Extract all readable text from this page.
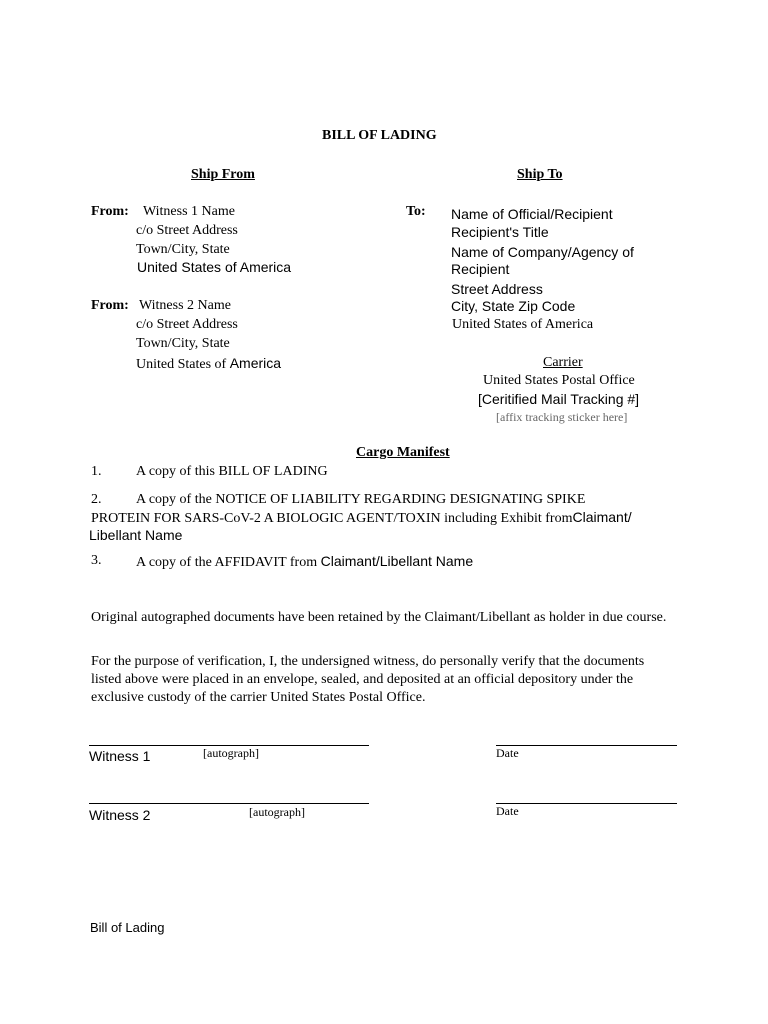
BILL OF LADING
Ship From	Ship To
From: Witness 1 Name
c/o Street Address
Town/City, State
United States of America
From: Witness 2 Name
c/o Street Address
Town/City, State
United States of America
To: Name of Official/Recipient
Recipient's Title
Name of Company/Agency of
Recipient
Street Address
City, State Zip Code
United States of America
Carrier
United States Postal Office
[Ceritified Mail Tracking #]
[affix tracking sticker here]
Cargo Manifest
1. A copy of this BILL OF LADING
2. A copy of the NOTICE OF LIABILITY REGARDING DESIGNATING SPIKE
PROTEIN FOR SARS-CoV-2 A BIOLOGIC AGENT/TOXIN including Exhibit fromClaimant/
Libellant Name
3. A copy of the AFFIDAVIT from Claimant/Libellant Name
Original autographed documents have been retained by the Claimant/Libellant as holder in due course.
For the purpose of verification, I, the undersigned witness, do personally verify that the documents listed above were placed in an envelope, sealed, and deposited at an official depository under the exclusive custody of the carrier United States Postal Office.
Witness 1	[autograph]	Date
Witness 2	[autograph]	Date
Bill of Lading
